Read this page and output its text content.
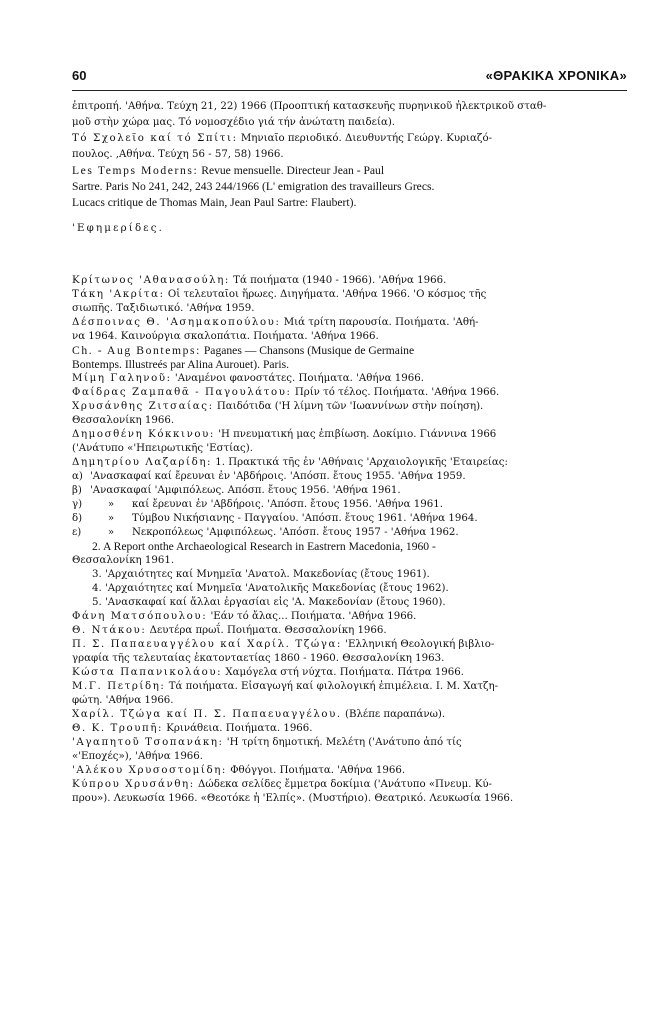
60	«ΘΡΑΚΙΚΑ ΧΡΟΝΙΚΑ»

ἐπιτροπή. 'Αθήνα. Τεύχη 21, 22) 1966 (Προοπτική κατασκευῆς πυρηνικοῦ ἠλεκτρικοῦ σταθ-

μοῦ στὴν χώρα μας. Τό νομοσχέδιο γιά τήν ἀνώτατη παιδεία).

Τό Σχολεῖο καί τό Σπίτι: Μηνιαῖο περιοδικό. Διευθυντής Γεώργ. Κυριαζό-

πουλος. ,Αθήνα. Τεύχη 56 - 57, 58) 1966.

Les Temps Moderns: Revue mensuelle. Directeur Jean - Paul

Sartre. Paris No 241, 242, 243 244/1966 (L' emigration des travailleurs Grecs.

Lucacs critique de Thomas Main, Jean Paul Sartre: Flaubert).

'Εφημερίδες.

Κρίτωνος 'Αθανασούλη: Τά ποιήματα (1940 - 1966). 'Αθήνα 1966.

Τάκη 'Ακρίτα: Οἱ τελευταῖοι ἥρωες. Διηγήματα. 'Αθήνα 1966. 'Ο κόσμος τῆς

σιωπῆς. Ταξιδιωτικό. 'Αθήνα 1959.

Δέσποινας Θ. 'Ασημακοπούλου: Μιά τρίτη παρουσία. Ποιήματα. 'Αθή-

να 1964. Καινούργια σκαλοπάτια. Ποιήματα. 'Αθήνα 1966.

Ch. - Aug Bontemps: Paganes — Chansons (Musique de Germaine

Bontemps. Illustreés par Alina Aurouet). Paris.

Μίμη Γαληνοῦ: 'Αναμένοι φανοστάτες. Ποιήματα. 'Αθήνα 1966.

Φαίδρας Ζαμπαθᾶ - Παγουλάτου: Πρίν τό τέλος. Ποιήματα. 'Αθήνα 1966.

Χρυσάνθης Ζιτσαίας: Παιδότιδα ('Η λίμνη τῶν 'Ιωαννίνων στὴν ποίηση).

Θεσσαλονίκη 1966.

Δημοσθένη Κόκκινου: 'Η πνευματική μας ἐπιβίωση. Δοκίμιο. Γιάννινα 1966

('Ανάτυπο «'Ηπειρωτικῆς 'Εστίας).

Δημητρίου Λαζαρίδη: 1. Πρακτικά τῆς ἐν 'Αθήναις 'Αρχαιολογικῆς 'Εταιρείας:

α) 'Ανασκαφαί καί ἔρευναι ἐν 'Αβδήροις. 'Απόσπ. ἔτους 1955. 'Αθήνα 1959.
β) 'Ανασκαφαί 'Αμφιπόλεως. Απόσπ. ἔτους 1956. 'Αθήνα 1961.
γ)	»	καί ἔρευναι ἐν 'Αβδήροις. 'Απόσπ. ἔτους 1956. 'Αθήνα 1961.
δ)	»	Τύμβου Νικήσιανης - Παγγαίου. 'Απόσπ. ἔτους 1961. 'Αθήνα 1964.
ε)	»	Νεκροπόλεως 'Αμφιπόλεως. 'Απόσπ. ἔτους 1957 - 'Αθήνα 1962.

2. A Report onthe Archaeological Research in Eastrern Macedonia, 1960 -

Θεσσαλονίκη 1961.

3. 'Αρχαιότητες καί Μνημεῖα 'Ανατολ. Μακεδονίας (ἔτους 1961).

4. 'Αρχαιότητες καί Μνημεῖα 'Ανατολικῆς Μακεδονίας (ἔτους 1962).

5. 'Ανασκαφαί καί ἄλλαι ἐργασίαι εἰς 'Α. Μακεδονίαν (ἔτους 1960).

Φάνη Ματσόπουλου: 'Εάν τό ἄλας... Ποιήματα. 'Αθήνα 1966.

Θ. Ντάκου: Δευτέρα πρωΐ. Ποιήματα. Θεσσαλονίκη 1966.

Π. Σ. Παπαευαγγέλου καί Χαρίλ. Τζώγα: 'Ελληνική Θεολογική βιβλιο-

γραφία τῆς τελευταίας ἑκατονταετίας 1860 - 1960. Θεσσαλονίκη 1963.

Κώστα Παπανικολάου: Χαμόγελα στή νύχτα. Ποιήματα. Πάτρα 1966.

Μ.Γ. Πετρίδη: Τά ποιήματα. Εἰσαγωγή καί φιλολογική ἐπιμέλεια. Ι. Μ. Χατζη-

φώτη. 'Αθήνα 1966.

Χαρίλ. Τζώγα καί Π. Σ. Παπαευαγγέλου. (Βλέπε παραπάνω).

Θ. Κ. Τρουπῆ: Κρινάθεια. Ποιήματα. 1966.

'Αγαπητοῦ Τσοπανάκη: 'Η τρίτη δημοτική. Μελέτη ('Ανάτυπο ἀπό τίς

«'Εποχές»), 'Αθήνα 1966.

'Αλέκου Χρυσοστομίδη: Φθόγγοι. Ποιήματα. 'Αθήνα 1966.

Κύπρου Χρυσάνθη: Δώδεκα σελίδες ἔμμετρα δοκίμια ('Ανάτυπο «Πνευμ. Κύ-

πρου»). Λευκωσία 1966. «Θεοτόκε ἡ 'Ελπίς». (Μυστήριο). Θεατρικό. Λευκωσία 1966.
